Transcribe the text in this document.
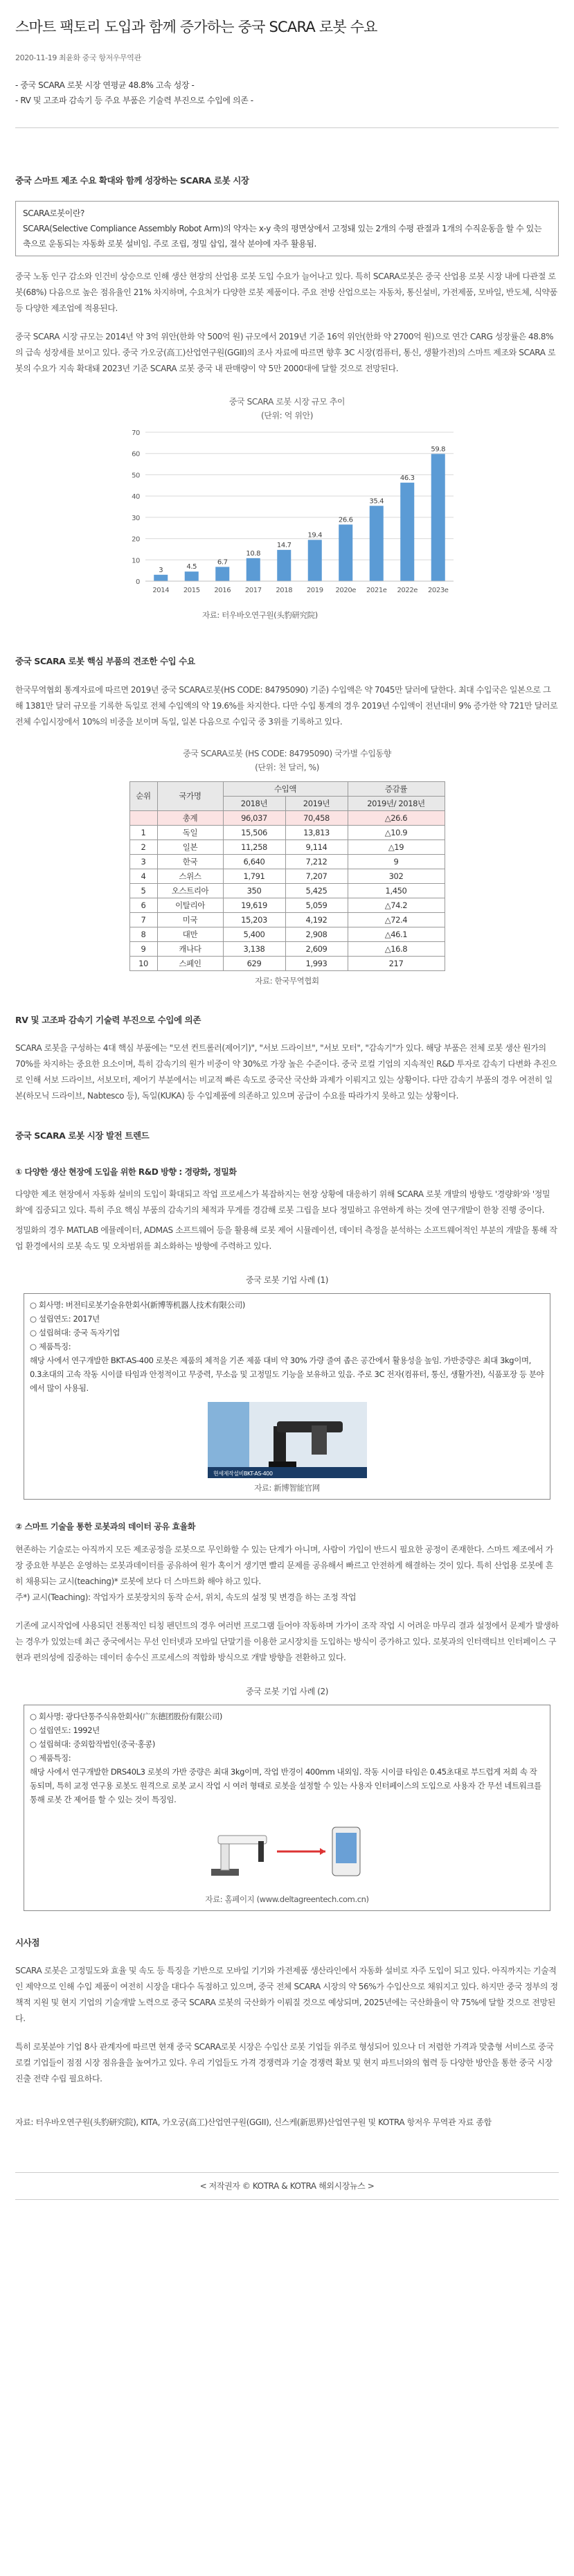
스마트 팩토리 도입과 함께 증가하는 중국 SCARA 로봇 수요
2020-11-19 최윤화 중국 항저우무역관
- 중국 SCARA 로봇 시장 연평균 48.8% 고속 성장 -
- RV 및 고조파 감속기 등 주요 부품은 기술력 부진으로 수입에 의존 -
중국 스마트 제조 수요 확대와 함께 성장하는 SCARA 로봇 시장
SCARA로봇이란?
SCARA(Selective Compliance Assembly Robot Arm)의 약자는 x-y 축의 평면상에서 고정돼 있는 2개의 수평 관절과 1개의 수직운동을 할 수 있는 축으로 운동되는 자동화 로봇 설비임. 주로 조립, 정밀 삽입, 절삭 분야에 자주 활용됨.

중국 노동 인구 감소와 인건비 상승으로 인해 생산 현장의 산업용 로봇 도입 수요가 늘어나고 있다. 특히 SCARA로봇은 중국 산업용 로봇 시장 내에 다관절 로봇(68%) 다음으로 높은 점유율인 21% 차지하며, 수요처가 다양한 로봇 제품이다. 주요 전방 산업으로는 자동차, 통신설비, 가전제품, 모바일, 반도체, 식약품 등 다양한 제조업에 적용된다.

중국 SCARA 시장 규모는 2014년 약 3억 위안(한화 약 500억 원) 규모에서 2019년 기준 16억 위안(한화 약 2700억 원)으로 연간 CARG 성장률은 48.8%의 급속 성장세를 보이고 있다. 중국 가오궁(高工)산업연구원(GGII)의 조사 자료에 따르면 향후 3C 시장(컴퓨터, 통신, 생활가전)의 스마트 제조와 SCARA 로봇의 수요가 지속 확대돼 2023년 기준 SCARA 로봇 중국 내 판매량이 약 5만 2000대에 달할 것으로 전망된다.

중국 SCARA 로봇 시장 규모 추이
(단위: 억 위안)
0
10
20
30
40
50
60
70
3
2014
4.5
2015
6.7
2016
10.8
2017
14.7
2018
19.4
2019
26.6
2020e
35.4
2021e
46.3
2022e
59.8
2023e
자료: 터우바오연구원(头豹研究院)
중국 SCARA 로봇 핵심 부품의 견조한 수입 수요

한국무역협회 통계자료에 따르면 2019년 중국 SCARA로봇(HS CODE: 84795090) 기준) 수입액은 약 7045만 달러에 달한다. 최대 수입국은 일본으로 그 해 1381만 달러 규모를 기록한 독일로 전체 수입액의 약 19.6%를 차지한다. 다만 수입 통계의 경우 2019년 수입액이 전년대비 9% 증가한 약 721만 달러로 전체 수입시장에서 10%의 비중을 보이며 독일, 일본 다음으로 수입국 중 3위를 기록하고 있다.

중국 SCARA로봇 (HS CODE: 84795090) 국가별 수입동향
(단위: 천 달러, %)
순위	국가명	수입액		증감률
		2018년	2019년	2019년/ 2018년
	총계	96,037	70,458	△26.6
1	독일	15,506	13,813	△10.9
2	일본	11,258	9,114	△19
3	한국	6,640	7,212	9
4	스위스	1,791	7,207	302
5	오스트리아	350	5,425	1,450
6	이탈리아	19,619	5,059	△74.2
7	미국	15,203	4,192	△72.4
8	대만	5,400	2,908	△46.1
9	캐나다	3,138	2,609	△16.8
10	스페인	629	1,993	217
자료: 한국무역협회
RV 및 고조파 감속기 기술력 부진으로 수입에 의존

SCARA 로봇을 구성하는 4대 핵심 부품에는 "모션 컨트롤러(제어기)", "서보 드라이브", "서보 모터", "감속기"가 있다. 해당 부품은 전체 로봇 생산 원가의 70%를 차지하는 중요한 요소이며, 특히 감속기의 원가 비중이 약 30%로 가장 높은 수준이다. 중국 로컬 기업의 지속적인 R&D 투자로 감속기 다변화 추진으로 인해 서보 드라이브, 서보모터, 제어기 부분에서는 비교적 빠른 속도로 중국산 국산화 과제가 이뤄지고 있는 상황이다. 다만 감속기 부품의 경우 여전히 일본(하모닉 드라이브, Nabtesco 등), 독일(KUKA) 등 수입제품에 의존하고 있으며 공급이 수요를 따라가지 못하고 있는 상황이다.

중국 SCARA 로봇 시장 발전 트렌드
① 다양한 생산 현장에 도입을 위한 R&D 방향 : 경량화, 정밀화

다양한 제조 현장에서 자동화 설비의 도입이 확대되고 작업 프로세스가 복잡하지는 현장 상황에 대응하기 위해 SCARA 로봇 개발의 방향도 '경량화'와 '정밀화'에 집중되고 있다. 특히 주요 핵심 부품의 감속기의 체적과 무게를 경감해 로봇 그립을 보다 정밀하고 유연하게 하는 것에 연구개발이 한창 진행 중이다.

정밀화의 경우 MATLAB 에뮬레이터, ADMAS 소프트웨어 등을 활용해 로봇 제어 시뮬레이션, 데이터 측정을 분석하는 소프트웨어적인 부분의 개발을 통해 작업 환경에서의 로봇 속도 및 오차범위를 최소화하는 방향에 주력하고 있다.

중국 로봇 기업 사례 (1)
○ 회사명: 버전티로봇기술유한회사(新博等机器人技术有限公司)
○ 설립연도: 2017년
○ 설립혀대: 중국 독자기업
○ 제품특징:
해당 사에서 연구개발한 BKT-AS-400 로봇은 제품의 체적을 기존 제품 대비 약 30% 가량 줄여 좁은 공간에서 활용성을 높임. 가반중량은 최대 3kg이며, 0.3초대의 고속 작동 시이클 타임과 안정적이고 무중력, 무소음 및 고정밀도 기능을 보유하고 있음. 주로 3C 전자(컴퓨터, 통신, 생활가전), 식품포장 등 분야에서 많이 사용됨.
현세제작설비BKT-AS-400
자료: 新博智能官网
② 스마트 기술을 통한 로봇과의 데이터 공유 효율화

현존하는 기술로는 아직까지 모든 제조공정을 로봇으로 무인화할 수 있는 단계가 아니며, 사람이 가입이 반드시 필요한 공정이 존재한다. 스마트 제조에서 가장 중요한 부분은 운영하는 로봇과데이터를 공유하여 원가 혹이거 생기면 빨리 문제를 공유해서 빠르고 안전하게 해결하는 것이 있다. 특히 산업용 로봇에 흔히 채용되는 교시(teaching)* 로봇에 보다 더 스마트화 해야 하고 있다.

주*) 교시(Teaching): 작업자가 로봇장치의 동작 순서, 위치, 속도의 설정 및 변경을 하는 조정 작업

기존에 교시작업에 사용되던 전통적인 티칭 펜던트의 경우 여러번 프로그램 들어야 작동하며 가가이 조작 작업 시 어려운 마무리 결과 설정에서 문제가 발생하는 경우가 있었는데 최근 중국에서는 무선 인터넷과 모바일 단말기를 이용한 교시장치를 도입하는 방식이 증가하고 있다. 로봇과의 인터랙티브 인터페이스 구현과 편의성에 집중하는 데이터 송수신 프로세스의 적합화 방식으로 개발 방향을 전환하고 있다.

중국 로봇 기업 사례 (2)
○ 회사명: 광다단통주식유한회사(广东德团股份有限公司)
○ 설립연도: 1992년
○ 설립혀대: 중외합작법인(중국·홍콩)
○ 제품특징:
해당 사에서 연구개발한 DRS40L3 로봇의 가반 중량은 최대 3kg이며, 작업 반경이 400mm 내외임. 작동 시이클 타임은 0.45초대로 부드럽게 저희 속 작동되며, 특히 교정 연구용 로봇도 원격으로 로봇 교시 작업 시 여러 형태로 로봇을 설정할 수 있는 사용자 인터페이스의 도입으로 사용자 간 무선 네트워크를 통해 로봇 간 제어를 할 수 있는 것이 특징임.
자료: 홈페이지 (www.deltagreentech.com.cn)
시사점

SCARA 로봇은 고정밀도와 효율 및 속도 등 특징을 기반으로 모바일 기기와 가전제품 생산라인에서 자동화 설비로 자주 도입이 되고 있다. 아직까지는 기술적인 제약으로 인해 수입 제품이 여전히 시장을 대다수 독점하고 있으며, 중국 전체 SCARA 시장의 약 56%가 수입산으로 채워지고 있다. 하지만 중국 정부의 정책적 지원 및 현지 기업의 기술개발 노력으로 중국 SCARA 로봇의 국산화가 이뤄질 것으로 예상되며, 2025년에는 국산화율이 약 75%에 달할 것으로 전망된다.

특히 로봇분야 기업 8사 관계자에 따르면 현재 중국 SCARA로봇 시장은 수입산 로봇 기업들 위주로 형성되어 있으나 더 저렴한 가격과 맞춤형 서비스로 중국 로컬 기업들이 점점 시장 점유율을 높여가고 있다. 우리 기업들도 가격 경쟁력과 기술 경쟁력 확보 및 현지 파트너와의 협력 등 다양한 방안을 통한 중국 시장 진출 전략 수립 필요하다.

자료: 터우바오연구원(头豹研究院), KITA, 가오궁(高工)산업연구원(GGII), 신스케(新思界)산업연구원 및 KOTRA 항저우 무역관 자료 종합

< 저작권자 © KOTRA & KOTRA 해외시장뉴스 >
